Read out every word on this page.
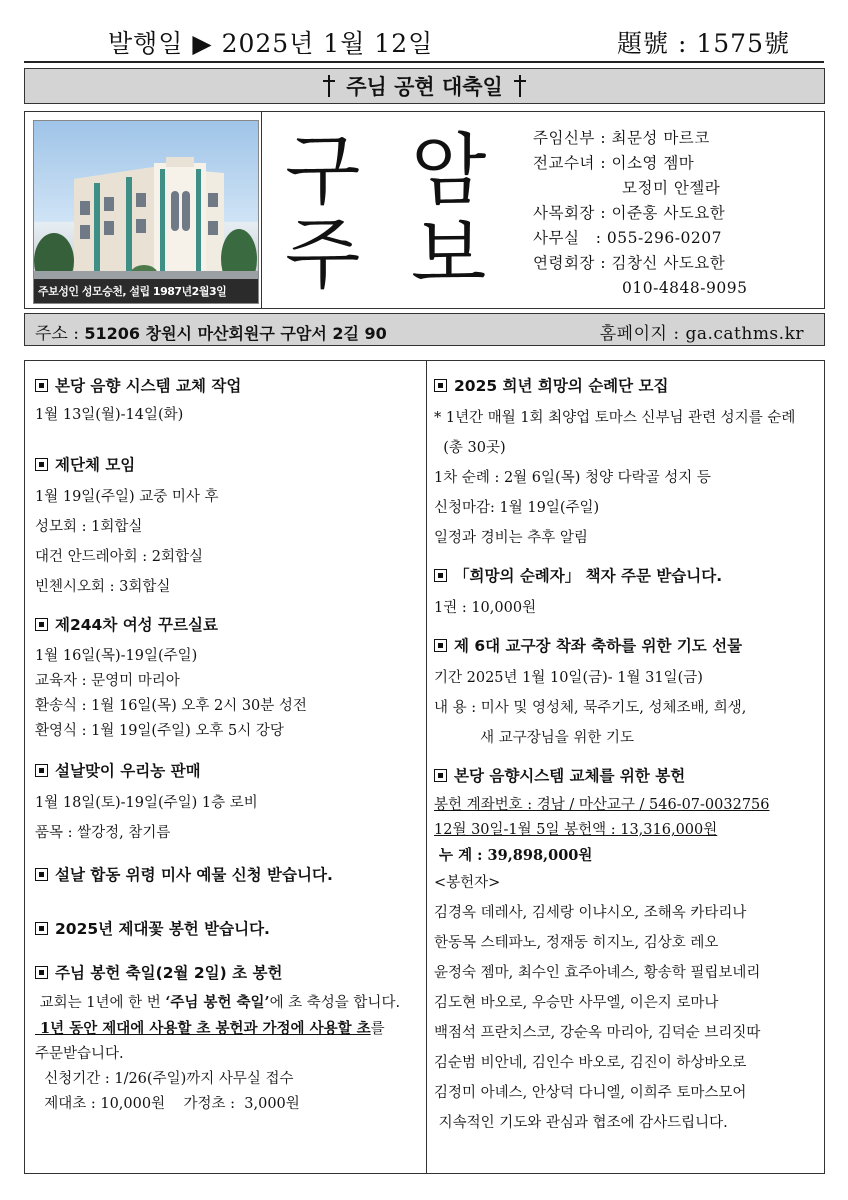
발행일 ▶ 2025년 1월 12일	題號 : 1575號
주님 공현 대축일
주보성인 성모승천, 설립 1987년2월3일
구 암
주 보
주임신부 : 최문성 마르코
전교수녀 : 이소영 젬마
모정미 안젤라
사목회장 : 이준홍 사도요한
사무실   : 055-296-0207
연령회장 : 김창신 사도요한
010-4848-9095
주소 : 51206 창원시 마산회원구 구암서 2길 90	홈페이지 : ga.cathms.kr
본당 음향 시스템 교체 작업
1월 13일(월)-14일(화)
제단체 모임
1월 19일(주일) 교중 미사 후
성모회 : 1회합실
대건 안드레아회 : 2회합실
빈첸시오회 : 3회합실
제244차 여성 꾸르실료
1월 16일(목)-19일(주일)
교육자 : 문영미 마리아
환송식 : 1월 16일(목) 오후 2시 30분 성전
환영식 : 1월 19일(주일) 오후 5시 강당
설날맞이 우리농 판매
1월 18일(토)-19일(주일) 1층 로비
품목 : 쌀강정, 참기름
설날 합동 위령 미사 예물 신청 받습니다.
2025년 제대꽃 봉헌 받습니다.
주님 봉헌 축일(2월 2일) 초 봉헌
교회는 1년에 한 번 ‘주님 봉헌 축일’에 초 축성을 합니다.
1년 동안 제대에 사용할 초 봉헌과 가정에 사용할 초를
주문받습니다.
신청기간 : 1/26(주일)까지 사무실 접수
제대초 : 10,000원    가정초 :  3,000원
2025 희년 희망의 순례단 모집
* 1년간 매월 1회 최양업 토마스 신부님 관련 성지를 순례
(총 30곳)
1차 순례 : 2월 6일(목) 청양 다락골 성지 등
신청마감: 1월 19일(주일)
일정과 경비는 추후 알림
「희망의 순례자」 책자 주문 받습니다.
1권 : 10,000원
제 6대 교구장 착좌 축하를 위한 기도 선물
기간 2025년 1월 10일(금)- 1월 31일(금)
내 용 : 미사 및 영성체, 묵주기도, 성체조배, 희생,
새 교구장님을 위한 기도
본당 음향시스템 교체를 위한 봉헌
봉헌 계좌번호 : 경남 / 마산교구 / 546-07-0032756
12월 30일-1월 5일 봉헌액 : 13,316,000원
누 계 : 39,898,000원
<봉헌자>
김경옥 데레사, 김세랑 이냐시오, 조해옥 카타리나
한동목 스테파노, 정재동 히지노, 김상호 레오
윤정숙 젬마, 최수인 효주아녜스, 황송학 필립보네리
김도현 바오로, 우승만 사무엘, 이은지 로마나
백점석 프란치스코, 강순옥 마리아, 김덕순 브리짓따
김순범 비안네, 김인수 바오로, 김진이 하상바오로
김정미 아녜스, 안상덕 다니엘, 이희주 토마스모어
지속적인 기도와 관심과 협조에 감사드립니다.
